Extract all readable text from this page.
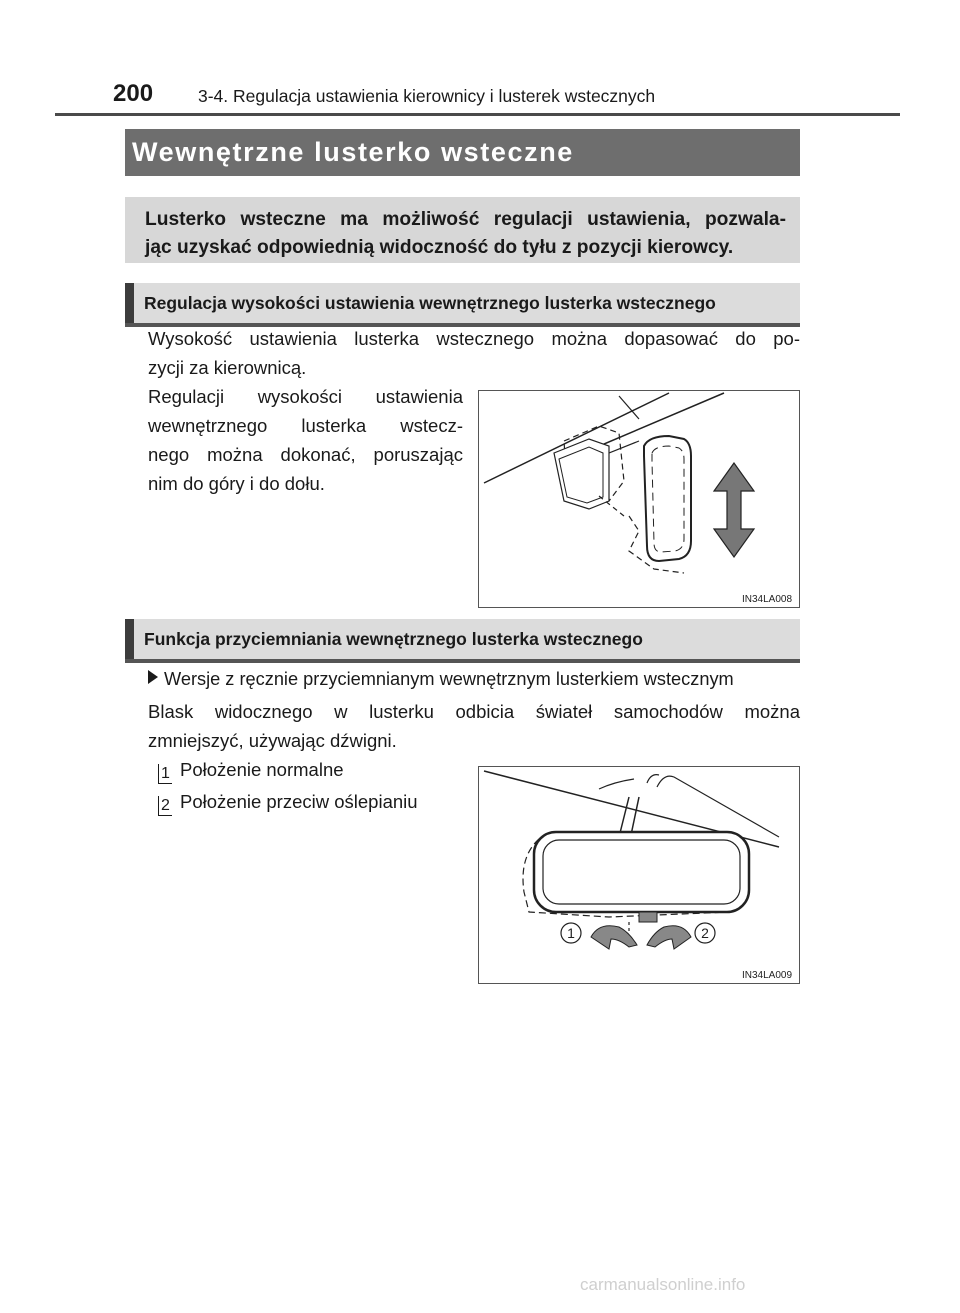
200	3-4. Regulacja ustawienia kierownicy i lusterek wstecznych
Wewnętrzne lusterko wsteczne
Lusterko wsteczne ma możliwość regulacji ustawienia, pozwala-
jąc uzyskać odpowiednią widoczność do tyłu z pozycji kierowcy.
Regulacja wysokości ustawienia wewnętrznego lusterka wstecznego
Wysokość ustawienia lusterka wstecznego można dopasować do po-
zycji za kierownicą.
Regulacji wysokości ustawienia
wewnętrznego lusterka wstecz-
nego można dokonać, poruszając
nim do góry i do dołu.
IN34LA008
Funkcja przyciemniania wewnętrznego lusterka wstecznego
Wersje z ręcznie przyciemnianym wewnętrznym lusterkiem wstecznym
Blask widocznego w lusterku odbicia świateł samochodów można
zmniejszyć, używając dźwigni.
1 Położenie normalne
2 Położenie przeciw oślepianiu
1	2
IN34LA009
carmanualsonline.info
